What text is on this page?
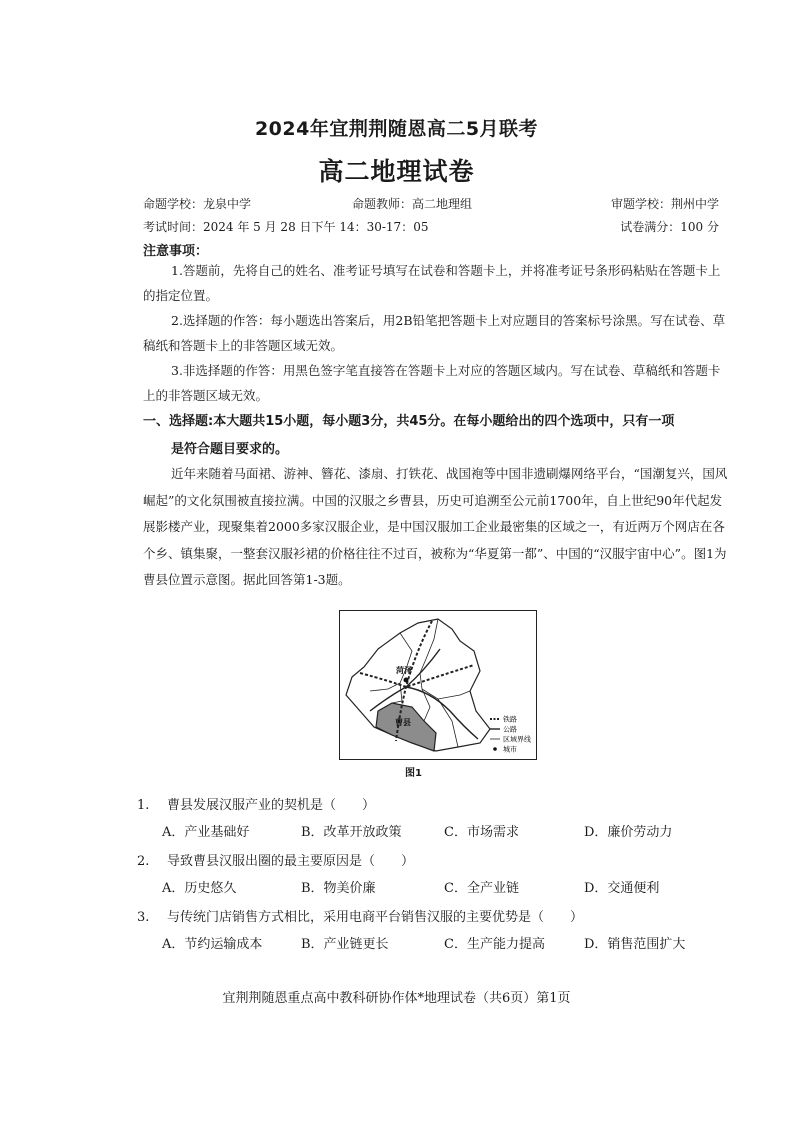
2024年宜荆荆随恩高二5月联考
高二地理试卷
命题学校：龙泉中学	命题教师：高二地理组	审题学校：荆州中学
考试时间：2024 年 5 月 28 日下午 14：30-17：05	试卷满分：100 分
注意事项：
1.答题前，先将自己的姓名、准考证号填写在试卷和答题卡上，并将准考证号条形码粘贴在答题卡上的指定位置。
2.选择题的作答：每小题选出答案后，用2B铅笔把答题卡上对应题目的答案标号涂黑。写在试卷、草稿纸和答题卡上的非答题区域无效。
3.非选择题的作答：用黑色签字笔直接答在答题卡上对应的答题区域内。写在试卷、草稿纸和答题卡上的非答题区域无效。
一、选择题:本大题共15小题，每小题3分，共45分。在每小题给出的四个选项中，只有一项
是符合题目要求的。
近年来随着马面裙、游神、簪花、漆扇、打铁花、战国袍等中国非遗刷爆网络平台，“国潮复兴，国风崛起”的文化氛围被直接拉满。中国的汉服之乡曹县，历史可追溯至公元前1700年，自上世纪90年代起发展影楼产业，现聚集着2000多家汉服企业，是中国汉服加工企业最密集的区域之一，有近两万个网店在各个乡、镇集聚，一整套汉服衫裙的价格往往不过百，被称为“华夏第一都”、中国的“汉服宇宙中心”。图1为曹县位置示意图。据此回答第1-3题。
菏泽
曹县	铁路
公路
区域界线
城市
图1
1. 曹县发展汉服产业的契机是（　　）
A．产业基础好	B．改革开放政策	C．市场需求	D．廉价劳动力
2. 导致曹县汉服出圈的最主要原因是（　　）
A．历史悠久	B．物美价廉	C．全产业链	D．交通便利
3. 与传统门店销售方式相比，采用电商平台销售汉服的主要优势是（　　）
A．节约运输成本	B．产业链更长	C．生产能力提高	D．销售范围扩大
宜荆荆随恩重点高中教科研协作体*地理试卷（共6页）第1页
